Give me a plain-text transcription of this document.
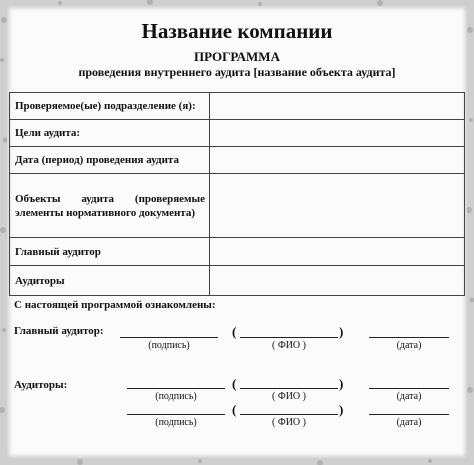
Название компании
ПРОГРАММА
проведения внутреннего аудита [название объекта аудита]
Проверяемое(ые) подразделение (я):	
Цели аудита:	
Дата (период) проведения аудита	
Объекты аудита (проверяемые элементы нормативного документа)	
Главный аудитор	
Аудиторы	
С настоящей программой ознакомлены:
Главный аудитор:	(	)
(подпись)	( ФИО )	(дата)
Аудиторы:	(	)
(подпись)	( ФИО )	(дата)
(	)
(подпись)	( ФИО )	(дата)
